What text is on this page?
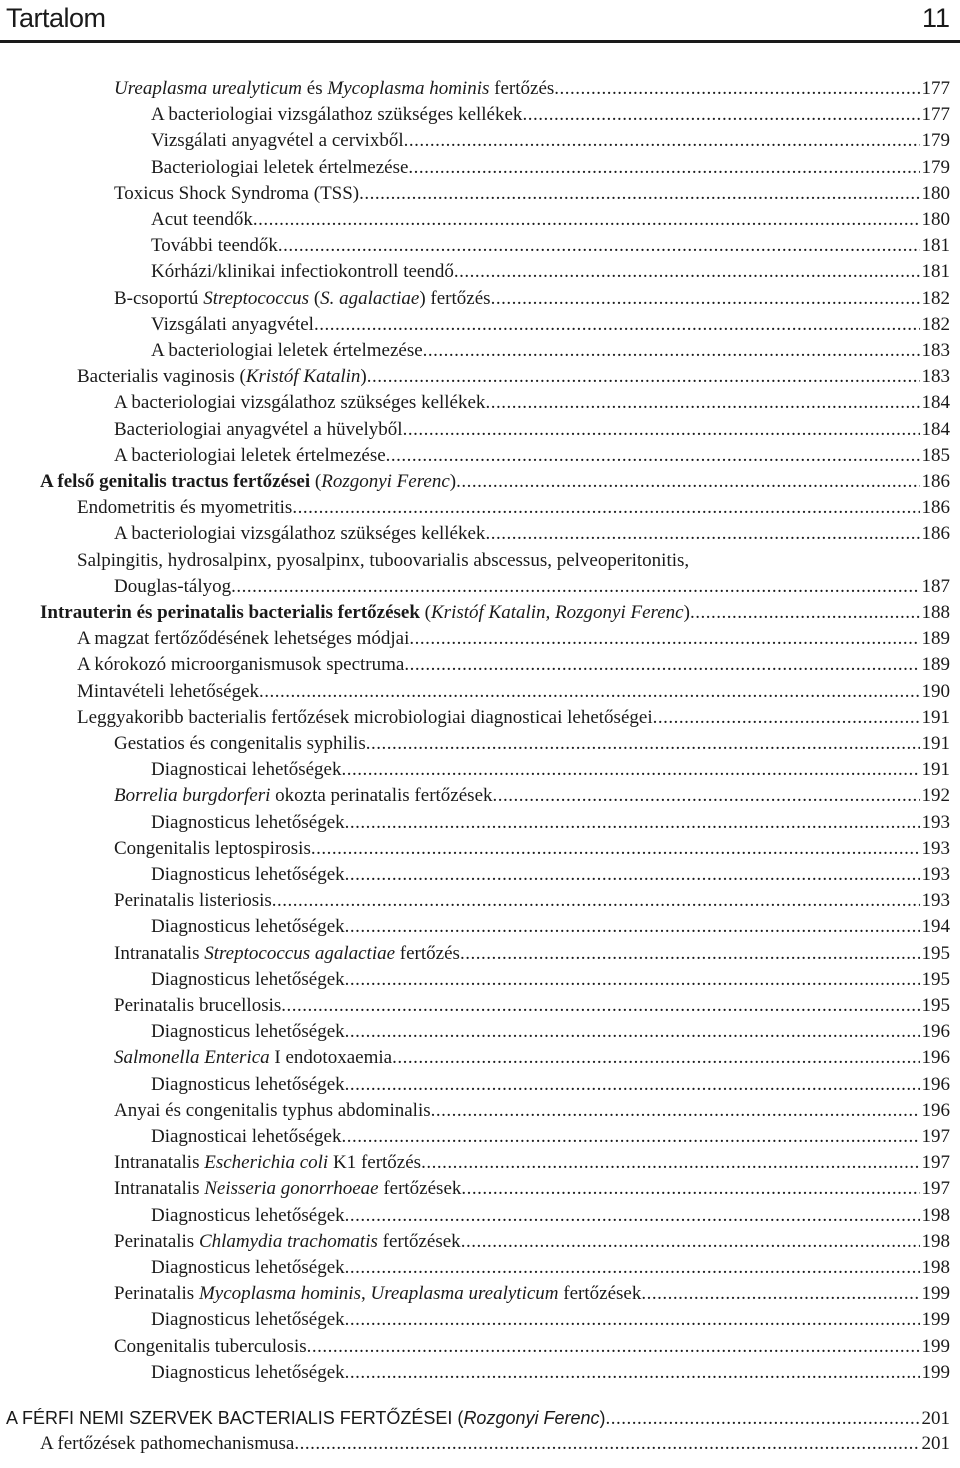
Tartalom	11
Ureaplasma urealyticum és Mycoplasma hominis fertőzés .....	177
A bacteriologiai vizsgálathoz szükséges kellékek .....	177
Vizsgálati anyagvétel a cervixből .....	179
Bacteriologiai leletek értelmezése .....	179
Toxicus Shock Syndroma (TSS) .....	180
Acut teendők .....	180
További teendők .....	181
Kórházi/klinikai infectiokontroll teendő .....	181
B-csoportú Streptococcus (S. agalactiae) fertőzés .....	182
Vizsgálati anyagvétel .....	182
A bacteriologiai leletek értelmezése .....	183
Bacterialis vaginosis (Kristóf Katalin) .....	183
A bacteriologiai vizsgálathoz szükséges kellékek .....	184
Bacteriologiai anyagvétel a hüvelyből .....	184
A bacteriologiai leletek értelmezése .....	185
A felső genitalis tractus fertőzései (Rozgonyi Ferenc) .....	186
Endometritis és myometritis .....	186
A bacteriologiai vizsgálathoz szükséges kellékek .....	186
Salpingitis, hydrosalpinx, pyosalpinx, tuboovarialis abscessus, pelveoperitonitis,
Douglas-tályog .....	187
Intrauterin és perinatalis bacterialis fertőzések (Kristóf Katalin, Rozgonyi Ferenc) .....	188
A magzat fertőződésének lehetséges módjai .....	189
A kórokozó microorganismusok spectruma .....	189
Mintavételi lehetőségek .....	190
Leggyakoribb bacterialis fertőzések microbiologiai diagnosticai lehetőségei .....	191
Gestatios és congenitalis syphilis .....	191
Diagnosticai lehetőségek .....	191
Borrelia burgdorferi okozta perinatalis fertőzések .....	192
Diagnosticus lehetőségek .....	193
Congenitalis leptospirosis .....	193
Diagnosticus lehetőségek .....	193
Perinatalis listeriosis .....	193
Diagnosticus lehetőségek .....	194
Intranatalis Streptococcus agalactiae fertőzés .....	195
Diagnosticus lehetőségek .....	195
Perinatalis brucellosis .....	195
Diagnosticus lehetőségek .....	196
Salmonella Enterica I endotoxaemia .....	196
Diagnosticus lehetőségek .....	196
Anyai és congenitalis typhus abdominalis .....	196
Diagnosticai lehetőségek .....	197
Intranatalis Escherichia coli K1 fertőzés .....	197
Intranatalis Neisseria gonorrhoeae fertőzések .....	197
Diagnosticus lehetőségek .....	198
Perinatalis Chlamydia trachomatis fertőzések .....	198
Diagnosticus lehetőségek .....	198
Perinatalis Mycoplasma hominis, Ureaplasma urealyticum fertőzések .....	199
Diagnosticus lehetőségek .....	199
Congenitalis tuberculosis .....	199
Diagnosticus lehetőségek .....	199
A FÉRFI NEMI SZERVEK BACTERIALIS FERTŐZÉSEI (Rozgonyi Ferenc) .....	201
A fertőzések pathomechanismusa .....	201
